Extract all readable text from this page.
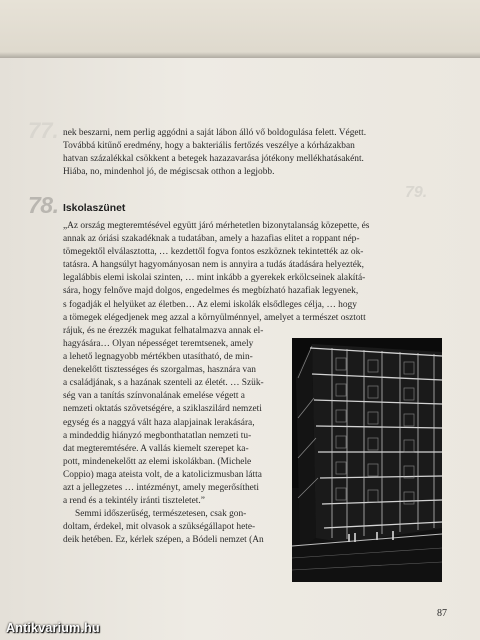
77.
79.
nek beszarni, nem perlig aggódni a saját lábon álló vő boldogulása felett. Végett.
Továbbá kitűnő eredmény, hogy a bakteriális fertőzés veszélye a kórházakban
hatvan százalékkal csökkent a betegek hazazavarása jótékony mellékhatásaként.
Hiába, no, mindenhol jó, de mégiscsak otthon a legjobb.
78. Iskolaszünet
„Az ország megteremtésével együtt járó mérhetetlen bizonytalanság közepette, és
annak az óriási szakadéknak a tudatában, amely a hazafias elitet a roppant nép-
tömegektől elválasztotta, … kezdettől fogva fontos eszköznek tekintették az ok-
tatásra. A hangsúlyt hagyományosan nem is annyira a tudás átadására helyezték,
legalábbis elemi iskolai szinten, … mint inkább a gyerekek erkölcseinek alakítá-
sára, hogy felnőve majd dolgos, engedelmes és megbízható hazafiak legyenek,
s fogadják el helyüket az életben… Az elemi iskolák elsődleges célja, … hogy
a tömegek elégedjenek meg azzal a környülménnyel, amelyet a természet osztott
rájuk, és ne érezzék magukat felhatalmazva annak el-
hagyására… Olyan népességet teremtsenek, amely
a lehető legnagyobb mértékben utasítható, de min-
denekelőtt tisztességes és szorgalmas, hasznára van
a családjának, s a hazának szenteli az életét. … Szük-
ség van a tanítás színvonalának emelése végett a
nemzeti oktatás szövetségére, a sziklaszilárd nemzeti
egység és a naggyá vált haza alapjainak lerakására,
a mindeddig hiányzó megbonthatatlan nemzeti tu-
dat megteremtésére. A vallás kiemelt szerepet ka-
pott, mindenekelőtt az elemi iskolákban. (Michele
Coppio) maga ateista volt, de a katolicizmusban látta
azt a jellegzetes … intézményt, amely megerősítheti
a rend és a tekintély iránti tiszteletet.”
Semmi időszerűség, természetesen, csak gon-
doltam, érdekel, mit olvasok a szükségállapot hete-
deik hetében. Ez, kérlek szépen, a Bódeli nemzet (An
87
Antikvarium.hu
